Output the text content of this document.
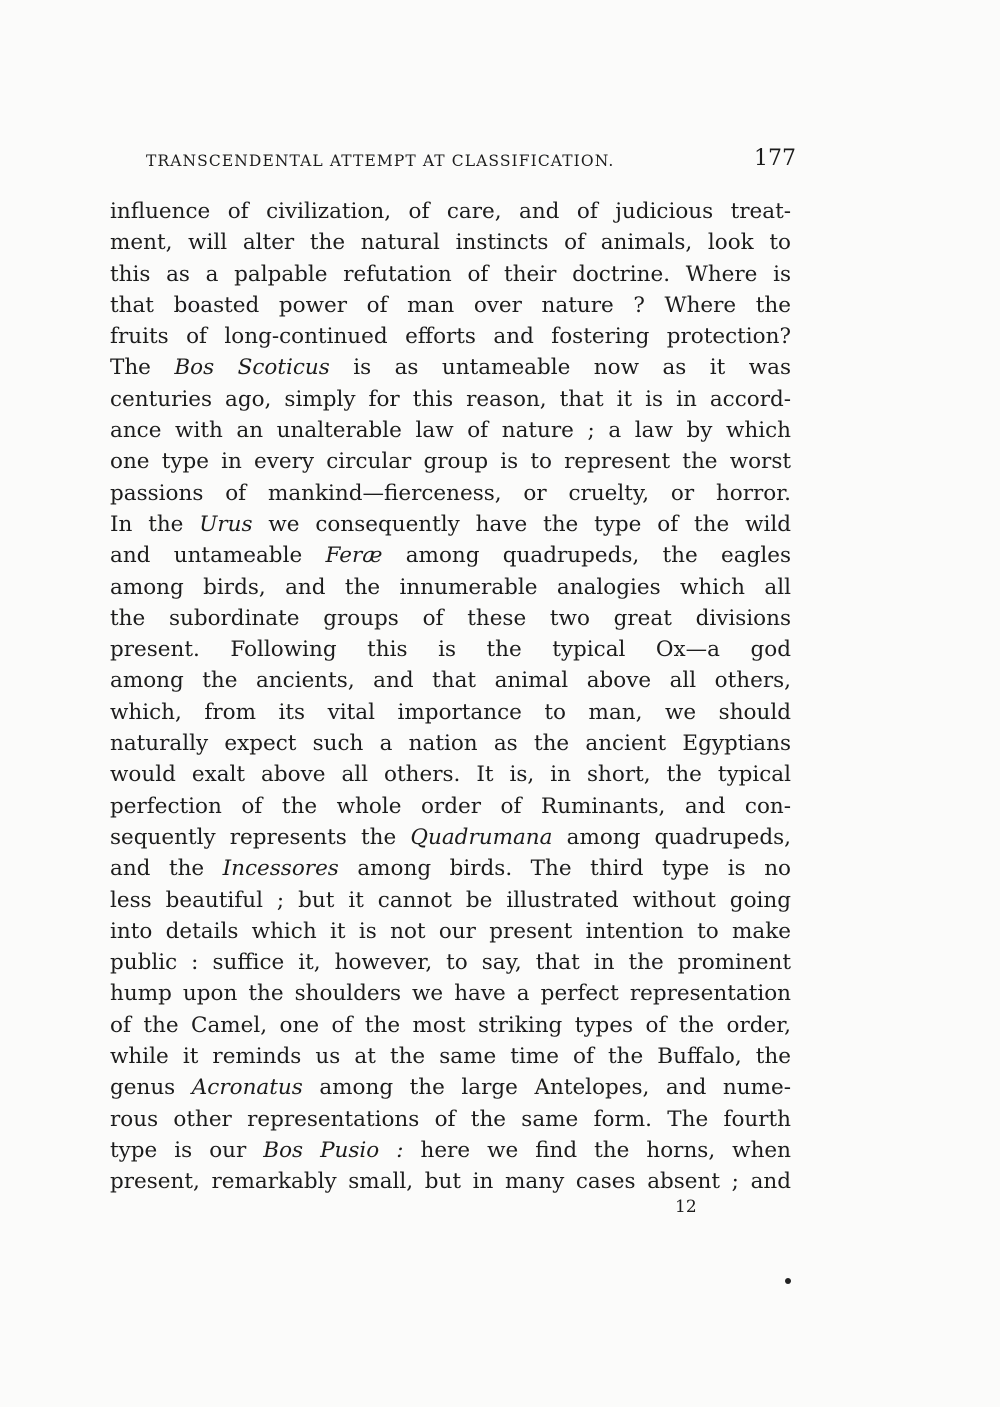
TRANSCENDENTAL ATTEMPT AT CLASSIFICATION.	177
influence of civilization, of care, and of judicious treat-
ment, will alter the natural instincts of animals, look to
this as a palpable refutation of their doctrine. Where is
that boasted power of man over nature ? Where the
fruits of long-continued efforts and fostering protection?
The Bos Scoticus is as untameable now as it was
centuries ago, simply for this reason, that it is in accord-
ance with an unalterable law of nature ; a law by which
one type in every circular group is to represent the worst
passions of mankind—fierceness, or cruelty, or horror.
In the Urus we consequently have the type of the wild
and untameable Feræ among quadrupeds, the eagles
among birds, and the innumerable analogies which all
the subordinate groups of these two great divisions
present. Following this is the typical Ox—a god
among the ancients, and that animal above all others,
which, from its vital importance to man, we should
naturally expect such a nation as the ancient Egyptians
would exalt above all others. It is, in short, the typical
perfection of the whole order of Ruminants, and con-
sequently represents the Quadrumana among quadrupeds,
and the Incessores among birds. The third type is no
less beautiful ; but it cannot be illustrated without going
into details which it is not our present intention to make
public : suffice it, however, to say, that in the prominent
hump upon the shoulders we have a perfect representation
of the Camel, one of the most striking types of the order,
while it reminds us at the same time of the Buffalo, the
genus Acronatus among the large Antelopes, and nume-
rous other representations of the same form. The fourth
type is our Bos Pusio : here we find the horns, when
present, remarkably small, but in many cases absent ; and
12
